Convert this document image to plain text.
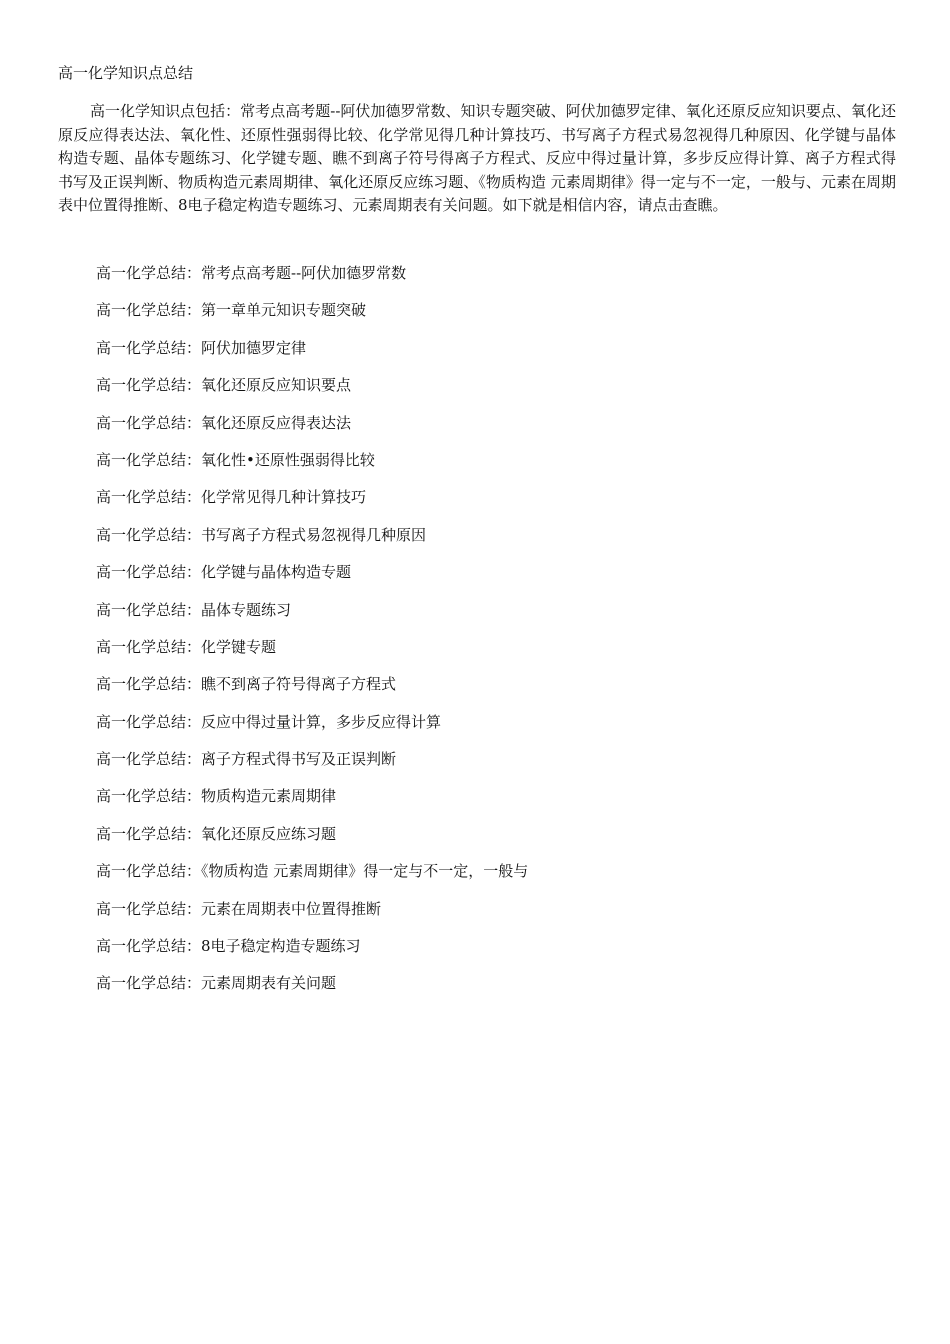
高一化学知识点总结

高一化学知识点包括：常考点高考题--阿伏加德罗常数、知识专题突破、阿伏加德罗定律、氧化还原反应知识要点、氧化还原反应得表达法、氧化性、还原性强弱得比较、化学常见得几种计算技巧、书写离子方程式易忽视得几种原因、化学键与晶体构造专题、晶体专题练习、化学键专题、瞧不到离子符号得离子方程式、反应中得过量计算，多步反应得计算、离子方程式得书写及正误判断、物质构造元素周期律、氧化还原反应练习题、《物质构造 元素周期律》得一定与不一定，一般与、元素在周期表中位置得推断、8电子稳定构造专题练习、元素周期表有关问题。如下就是相信内容，请点击查瞧。

高一化学总结：常考点高考题--阿伏加德罗常数
高一化学总结：第一章单元知识专题突破
高一化学总结：阿伏加德罗定律
高一化学总结：氧化还原反应知识要点
高一化学总结：氧化还原反应得表达法
高一化学总结：氧化性•还原性强弱得比较
高一化学总结：化学常见得几种计算技巧
高一化学总结：书写离子方程式易忽视得几种原因
高一化学总结：化学键与晶体构造专题
高一化学总结：晶体专题练习
高一化学总结：化学键专题
高一化学总结：瞧不到离子符号得离子方程式
高一化学总结：反应中得过量计算，多步反应得计算
高一化学总结：离子方程式得书写及正误判断
高一化学总结：物质构造元素周期律
高一化学总结：氧化还原反应练习题
高一化学总结：《物质构造 元素周期律》得一定与不一定，一般与
高一化学总结：元素在周期表中位置得推断
高一化学总结：8电子稳定构造专题练习
高一化学总结：元素周期表有关问题
